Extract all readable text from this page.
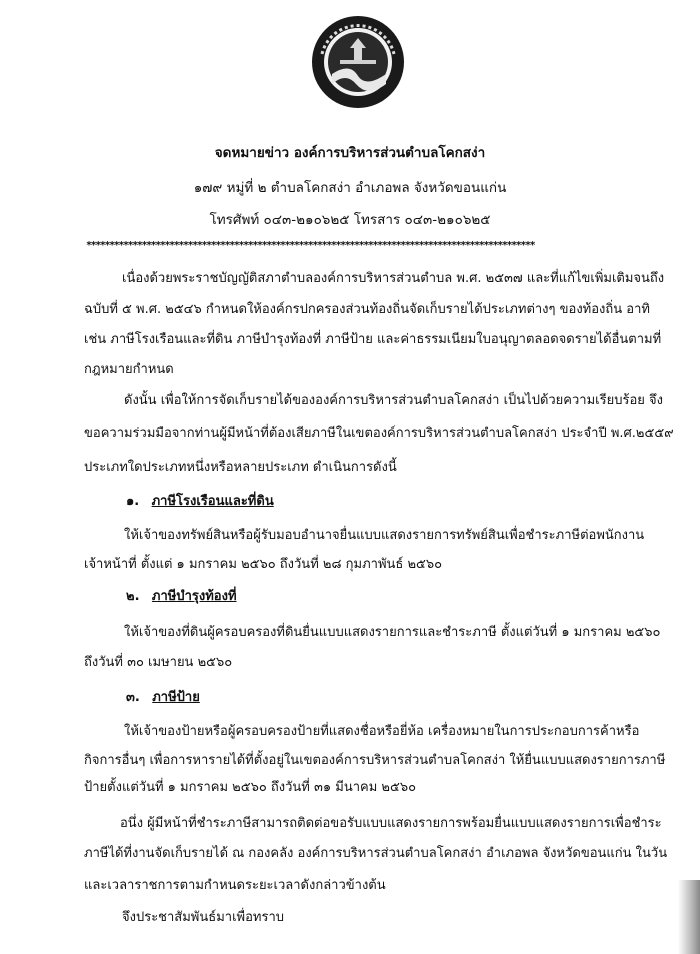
จดหมายข่าว องค์การบริหารส่วนตำบลโคกสง่า
๑๗๙ หมู่ที่ ๒ ตำบลโคกสง่า อำเภอพล จังหวัดขอนแก่น
โทรศัพท์ ๐๔๓-๒๑๐๖๒๕ โทรสาร ๐๔๓-๒๑๐๖๒๕
*************************************************************************************************
เนื่องด้วยพระราชบัญญัติสภาตำบลองค์การบริหารส่วนตำบล พ.ศ. ๒๕๓๗ และที่แก้ไขเพิ่มเติมจนถึง
ฉบับที่ ๕ พ.ศ. ๒๕๔๖ กำหนดให้องค์กรปกครองส่วนท้องถิ่นจัดเก็บรายได้ประเภทต่างๆ ของท้องถิ่น อาทิ
เช่น ภาษีโรงเรือนและที่ดิน ภาษีบำรุงท้องที่ ภาษีป้าย และค่าธรรมเนียมใบอนุญาตลอดจดรายได้อื่นตามที่
กฎหมายกำหนด
ดังนั้น เพื่อให้การจัดเก็บรายได้ขององค์การบริหารส่วนตำบลโคกสง่า เป็นไปด้วยความเรียบร้อย จึง
ขอความร่วมมือจากท่านผู้มีหน้าที่ต้องเสียภาษีในเขตองค์การบริหารส่วนตำบลโคกสง่า ประจำปี พ.ศ.๒๕๕๙
ประเภทใดประเภทหนึ่งหรือหลายประเภท ดำเนินการดังนี้
๑. ภาษีโรงเรือนและที่ดิน
ให้เจ้าของทรัพย์สินหรือผู้รับมอบอำนาจยื่นแบบแสดงรายการทรัพย์สินเพื่อชำระภาษีต่อพนักงาน
เจ้าหน้าที่ ตั้งแต่ ๑ มกราคม ๒๕๖๐ ถึงวันที่ ๒๘ กุมภาพันธ์ ๒๕๖๐
๒. ภาษีบำรุงท้องที่
ให้เจ้าของที่ดินผู้ครอบครองที่ดินยื่นแบบแสดงรายการและชำระภาษี ตั้งแต่วันที่ ๑ มกราคม ๒๕๖๐
ถึงวันที่ ๓๐ เมษายน ๒๕๖๐
๓. ภาษีป้าย
ให้เจ้าของป้ายหรือผู้ครอบครองป้ายที่แสดงชื่อหรือยี่ห้อ เครื่องหมายในการประกอบการค้าหรือ
กิจการอื่นๆ เพื่อการหารายได้ที่ตั้งอยู่ในเขตองค์การบริหารส่วนตำบลโคกสง่า ให้ยื่นแบบแสดงรายการภาษี
ป้ายตั้งแต่วันที่ ๑ มกราคม ๒๕๖๐ ถึงวันที่ ๓๑ มีนาคม ๒๕๖๐
อนึ่ง ผู้มีหน้าที่ชำระภาษีสามารถติดต่อขอรับแบบแสดงรายการพร้อมยื่นแบบแสดงรายการเพื่อชำระ
ภาษีได้ที่งานจัดเก็บรายได้ ณ กองคลัง องค์การบริหารส่วนตำบลโคกสง่า อำเภอพล จังหวัดขอนแก่น ในวัน
และเวลาราชการตามกำหนดระยะเวลาดังกล่าวข้างต้น
จึงประชาสัมพันธ์มาเพื่อทราบ
